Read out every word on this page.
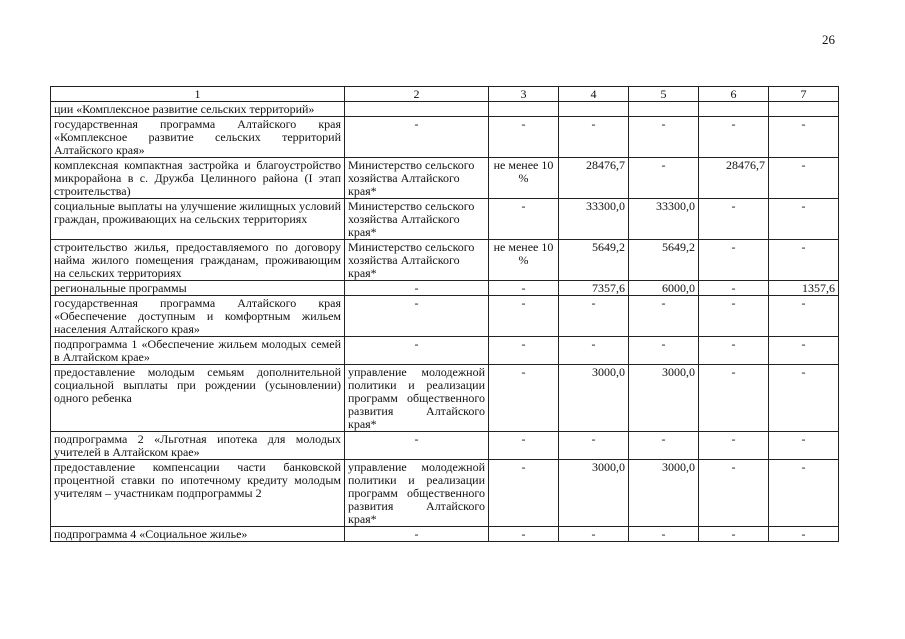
26
1	2	3	4	5	6	7
ции «Комплексное развитие сельских территорий»						
государственная программа Алтайского края «Комплексное развитие сельских территорий Алтайского края»	-	-	-	-	-	-
комплексная компактная застройка и благоустройство микрорайона в с. Дружба Целинного района (I этап строительства)	Министерство сельского хозяйства Алтайского края*	не менее 10 %	28476,7	-	28476,7	-
социальные выплаты на улучшение жилищных условий граждан, проживающих на сельских территориях	Министерство сельского хозяйства Алтайского края*	-	33300,0	33300,0	-	-
строительство жилья, предоставляемого по договору найма жилого помещения гражданам, проживающим на сельских территориях	Министерство сельского хозяйства Алтайского края*	не менее 10 %	5649,2	5649,2	-	-
региональные программы	-	-	7357,6	6000,0	-	1357,6
государственная программа Алтайского края «Обеспечение доступным и комфортным жильем населения Алтайского края»	-	-	-	-	-	-
подпрограмма 1 «Обеспечение жильем молодых семей в Алтайском крае»	-	-	-	-	-	-
предоставление молодым семьям дополнительной социальной выплаты при рождении (усыновлении) одного ребенка	управление молодежной политики и реализации программ общественного развития Алтайского края*	-	3000,0	3000,0	-	-
подпрограмма 2 «Льготная ипотека для молодых учителей в Алтайском крае»	-	-	-	-	-	-
предоставление компенсации части банковской процентной ставки по ипотечному кредиту молодым учителям – участникам подпрограммы 2	управление молодежной политики и реализации программ общественного развития Алтайского края*	-	3000,0	3000,0	-	-
подпрограмма 4 «Социальное жилье»	-	-	-	-	-	-
